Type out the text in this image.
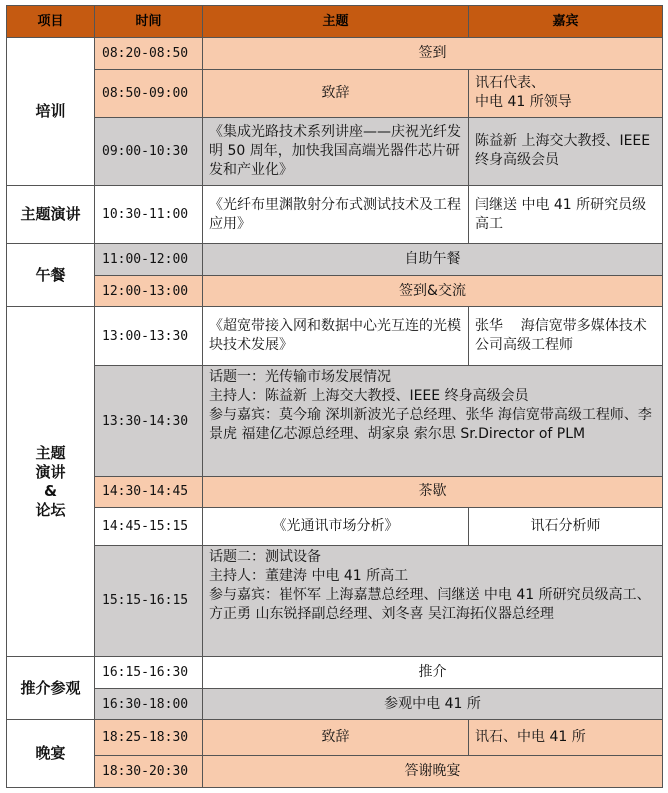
项目	时间	主题	嘉宾
培训	08:20-08:50	签到	
	08:50-09:00	致辞	讯石代表、
中电 41 所领导
	09:00-10:30	《集成光路技术系列讲座——庆祝光纤发明 50 周年，加快我国高端光器件芯片研发和产业化》	陈益新 上海交大教授、IEEE 终身高级会员
主题演讲	10:30-11:00	《光纤布里渊散射分布式测试技术及工程应用》	闫继送 中电 41 所研究员级高工
午餐	11:00-12:00	自助午餐	
	12:00-13:00	签到&交流	

主题
演讲
&
论坛	13:00-13:30	《超宽带接入网和数据中心光互连的光模块技术发展》	张华    海信宽带多媒体技术公司高级工程师
	13:30-14:30	话题一：光传输市场发展情况
主持人：陈益新 上海交大教授、IEEE 终身高级会员
参与嘉宾：莫今瑜 深圳新波光子总经理、张华 海信宽带高级工程师、李景虎 福建亿芯源总经理、胡家泉 索尔思 Sr.Director of PLM	
	14:30-14:45	茶歇	
	14:45-15:15	《光通讯市场分析》	讯石分析师
	15:15-16:15	话题二：测试设备
主持人：董建涛 中电 41 所高工
参与嘉宾：崔怀军 上海嘉慧总经理、闫继送 中电 41 所研究员级高工、方正勇 山东锐择副总经理、刘冬喜 吴江海拓仪器总经理	
推介参观	16:15-16:30	推介	
	16:30-18:00	参观中电 41 所	
晚宴	18:25-18:30	致辞	讯石、中电 41 所
	18:30-20:30	答谢晚宴	
